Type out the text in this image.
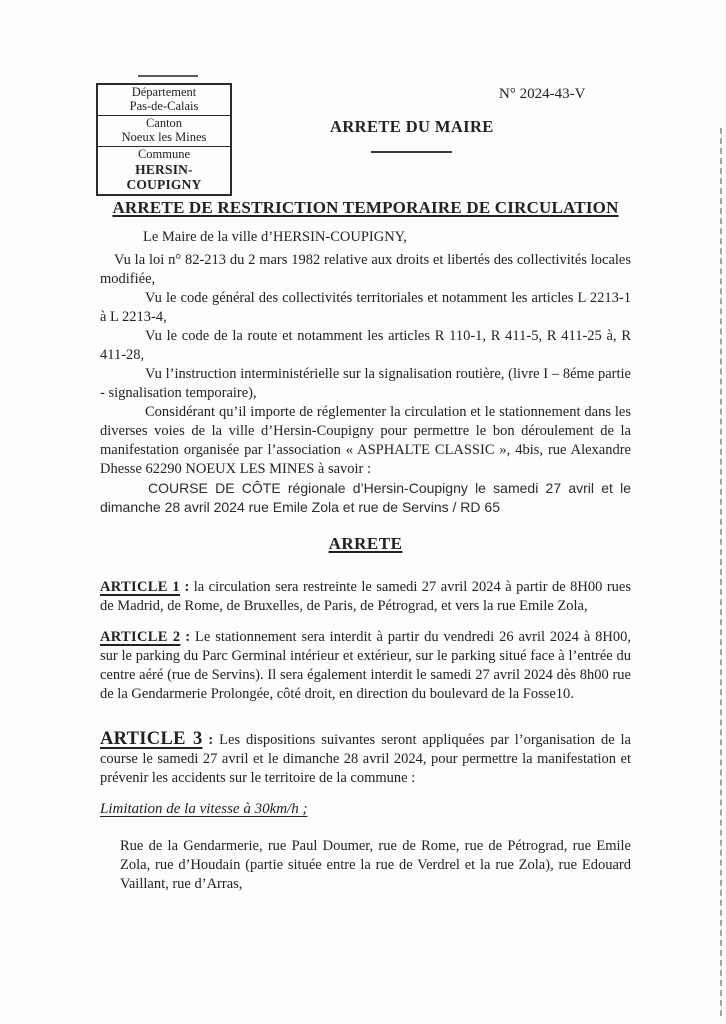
Département
Pas-de-Calais
Canton
Noeux les Mines
Commune
HERSIN-COUPIGNY
N° 2024-43-V
ARRETE DU MAIRE
ARRETE DE RESTRICTION TEMPORAIRE DE CIRCULATION

Le Maire de la ville d’HERSIN-COUPIGNY,

Vu la loi n° 82-213 du 2 mars 1982 relative aux droits et libertés des collectivités locales modifiée,

Vu le code général des collectivités territoriales et notamment les articles L 2213-1 à L 2213-4,

Vu le code de la route et notamment les articles R 110-1, R 411-5, R 411-25 à, R 411-28,

Vu l’instruction interministérielle sur la signalisation routière, (livre I – 8éme partie - signalisation temporaire),

Considérant qu’il importe de réglementer la circulation et le stationnement dans les diverses voies de la ville d’Hersin-Coupigny pour permettre le bon déroulement de la manifestation organisée par l’association « ASPHALTE CLASSIC », 4bis, rue Alexandre Dhesse 62290 NOEUX LES MINES à savoir :

COURSE DE CÔTE régionale d’Hersin-Coupigny le samedi 27 avril et le dimanche 28 avril 2024 rue Emile Zola et rue de Servins / RD 65

ARRETE

ARTICLE 1 : la circulation sera restreinte le samedi 27 avril 2024 à partir de 8H00 rues de Madrid, de Rome, de Bruxelles, de Paris, de Pétrograd, et vers la rue Emile Zola,

ARTICLE 2 : Le stationnement sera interdit à partir du vendredi 26 avril 2024 à 8H00, sur le parking du Parc Germinal intérieur et extérieur, sur le parking situé face à l’entrée du centre aéré (rue de Servins). Il sera également interdit le samedi 27 avril 2024 dès 8h00 rue de la Gendarmerie Prolongée, côté droit, en direction du boulevard de la Fosse10.

ARTICLE 3 : Les dispositions suivantes seront appliquées par l’organisation de la course le samedi 27 avril et le dimanche 28 avril 2024, pour permettre la manifestation et prévenir les accidents sur le territoire de la commune :

Limitation de la vitesse à 30km/h ;

Rue de la Gendarmerie, rue Paul Doumer, rue de Rome, rue de Pétrograd, rue Emile Zola, rue d’Houdain (partie située entre la rue de Verdrel et la rue Zola), rue Edouard Vaillant, rue d’Arras,
